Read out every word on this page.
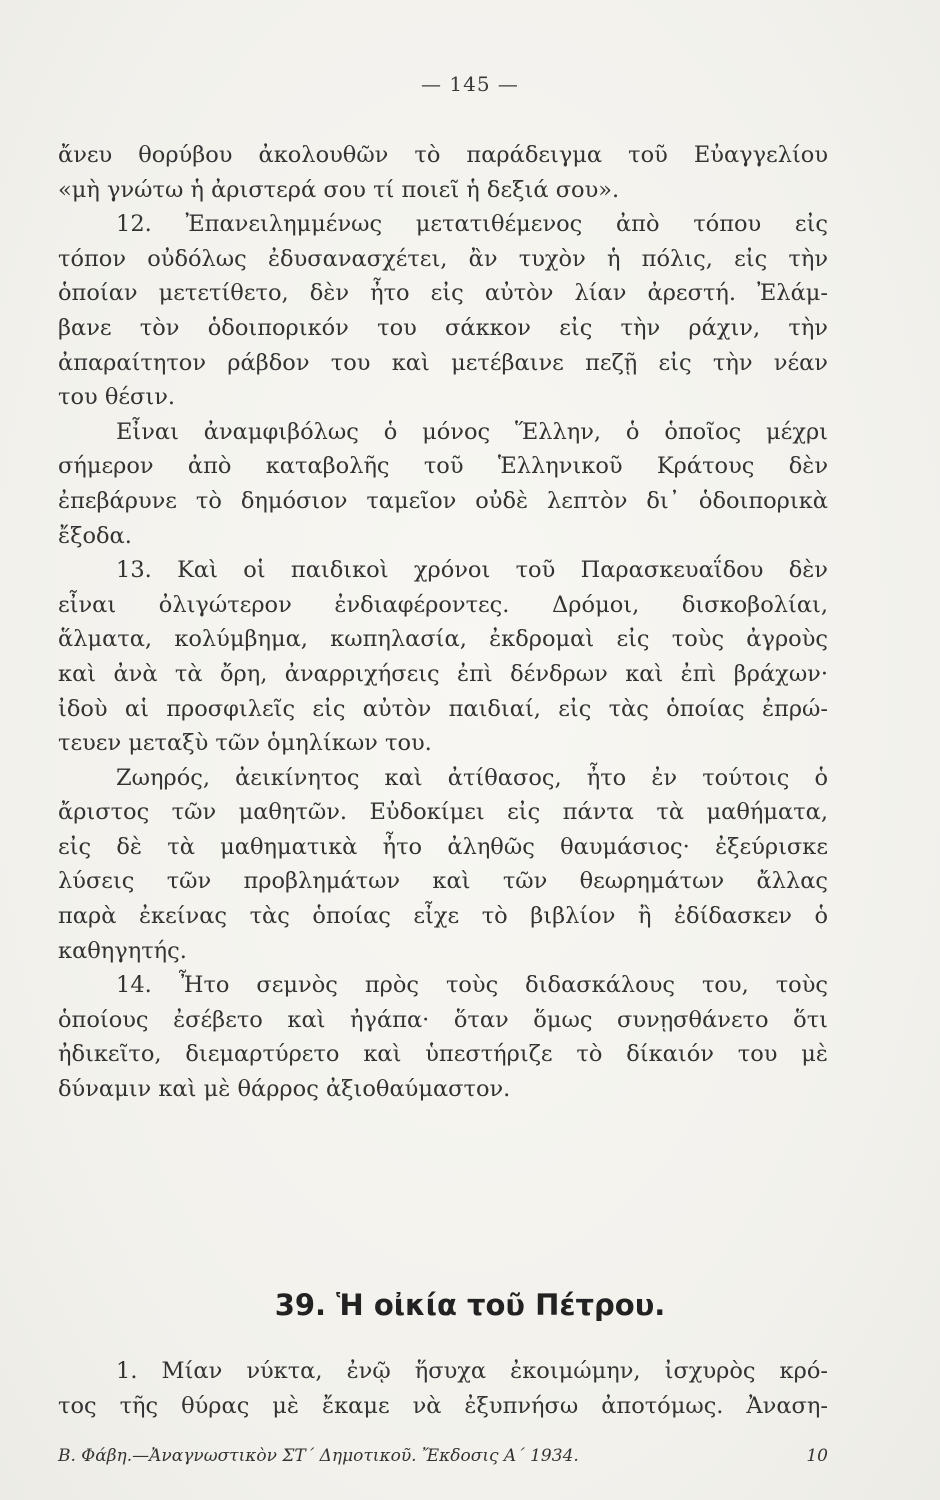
— 145 —
ἄνευ θορύβου ἀκολουθῶν τὸ παράδειγμα τοῦ Εὐαγγελίου
«μὴ γνώτω ἡ ἀριστερά σου τί ποιεῖ ἡ δεξιά σου».
12. Ἐπανειλημμένως μετατιθέμενος ἀπὸ τόπου εἰς
τόπον οὐδόλως ἐδυσανασχέτει, ἂν τυχὸν ἡ πόλις, εἰς τὴν
ὁποίαν μετετίθετο, δὲν ἦτο εἰς αὐτὸν λίαν ἀρεστή. Ἐλάμ-
βανε τὸν ὁδοιπορικόν του σάκκον εἰς τὴν ράχιν, τὴν
ἀπαραίτητον ράβδον του καὶ μετέβαινε πεζῇ εἰς τὴν νέαν
του θέσιν.
Εἶναι ἀναμφιβόλως ὁ μόνος Ἕλλην, ὁ ὁποῖος μέχρι
σήμερον ἀπὸ καταβολῆς τοῦ Ἑλληνικοῦ Κράτους δὲν
ἐπεβάρυνε τὸ δημόσιον ταμεῖον οὐδὲ λεπτὸν δι᾽ ὁδοιπορικὰ
ἔξοδα.
13. Καὶ οἱ παιδικοὶ χρόνοι τοῦ Παρασκευαΐδου δὲν
εἶναι ὀλιγώτερον ἐνδιαφέροντες. Δρόμοι, δισκοβολίαι,
ἅλματα, κολύμβημα, κωπηλασία, ἐκδρομαὶ εἰς τοὺς ἀγροὺς
καὶ ἀνὰ τὰ ὄρη, ἀναρριχήσεις ἐπὶ δένδρων καὶ ἐπὶ βράχων·
ἰδοὺ αἱ προσφιλεῖς εἰς αὐτὸν παιδιαί, εἰς τὰς ὁποίας ἐπρώ-
τευεν μεταξὺ τῶν ὁμηλίκων του.
Ζωηρός, ἀεικίνητος καὶ ἀτίθασος, ἦτο ἐν τούτοις ὁ
ἄριστος τῶν μαθητῶν. Εὐδοκίμει εἰς πάντα τὰ μαθήματα,
εἰς δὲ τὰ μαθηματικὰ ἦτο ἀληθῶς θαυμάσιος· ἐξεύρισκε
λύσεις τῶν προβλημάτων καὶ τῶν θεωρημάτων ἄλλας
παρὰ ἐκείνας τὰς ὁποίας εἶχε τὸ βιβλίον ἢ ἐδίδασκεν ὁ
καθηγητής.
14. Ἦτο σεμνὸς πρὸς τοὺς διδασκάλους του, τοὺς
ὁποίους ἐσέβετο καὶ ἠγάπα· ὅταν ὅμως συνῃσθάνετο ὅτι
ἠδικεῖτο, διεμαρτύρετο καὶ ὑπεστήριζε τὸ δίκαιόν του μὲ
δύναμιν καὶ μὲ θάρρος ἀξιοθαύμαστον.
39. Ἡ οἰκία τοῦ Πέτρου.
1. Μίαν νύκτα, ἐνῷ ἥσυχα ἐκοιμώμην, ἰσχυρὸς κρό-
τος τῆς θύρας μὲ ἔκαμε νὰ ἐξυπνήσω ἀποτόμως. Ἀναση-
Β. Φάβη.—Ἀναγνωστικὸν ΣΤ΄ Δημοτικοῦ. Ἔκδοσις Α΄ 1934.	10
